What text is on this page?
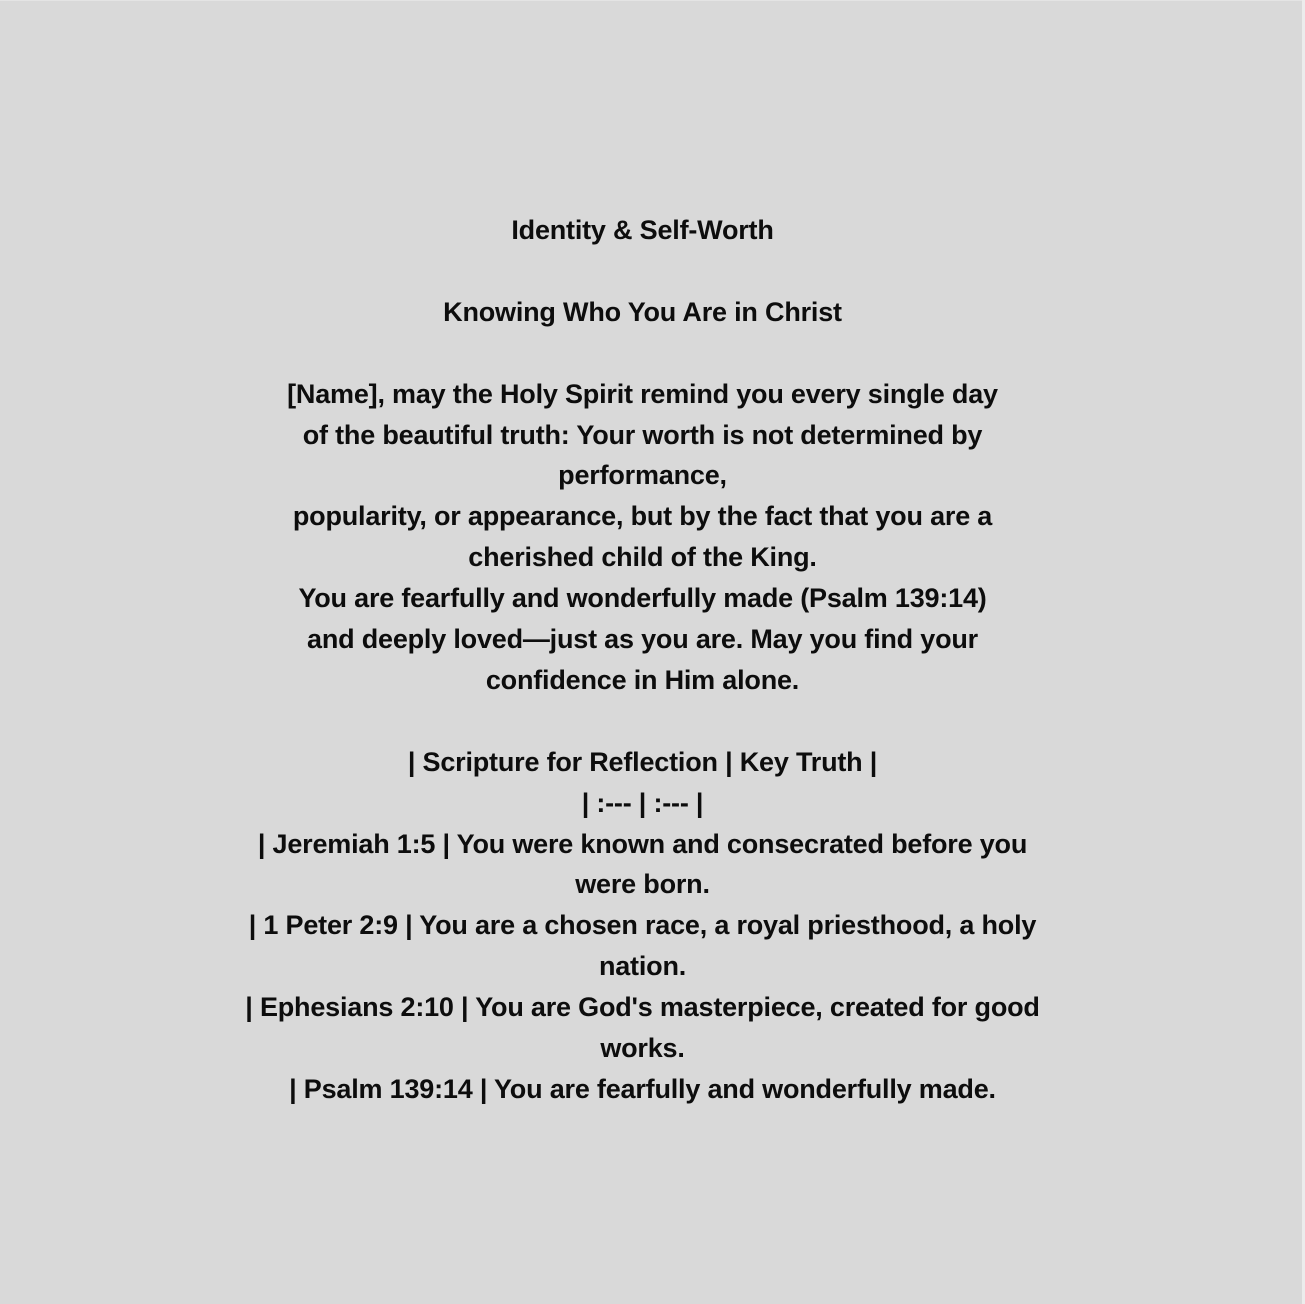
Identity & Self-Worth
Knowing Who You Are in Christ
[Name], may the Holy Spirit remind you every single day
of the beautiful truth: Your worth is not determined by
performance,
popularity, or appearance, but by the fact that you are a
cherished child of the King.
You are fearfully and wonderfully made (Psalm 139:14)
and deeply loved—just as you are. May you find your
confidence in Him alone.
| Scripture for Reflection | Key Truth |
| :--- | :--- |
| Jeremiah 1:5 | You were known and consecrated before you
were born.
| 1 Peter 2:9 | You are a chosen race, a royal priesthood, a holy
nation.
| Ephesians 2:10 | You are God's masterpiece, created for good
works.
| Psalm 139:14 | You are fearfully and wonderfully made.
